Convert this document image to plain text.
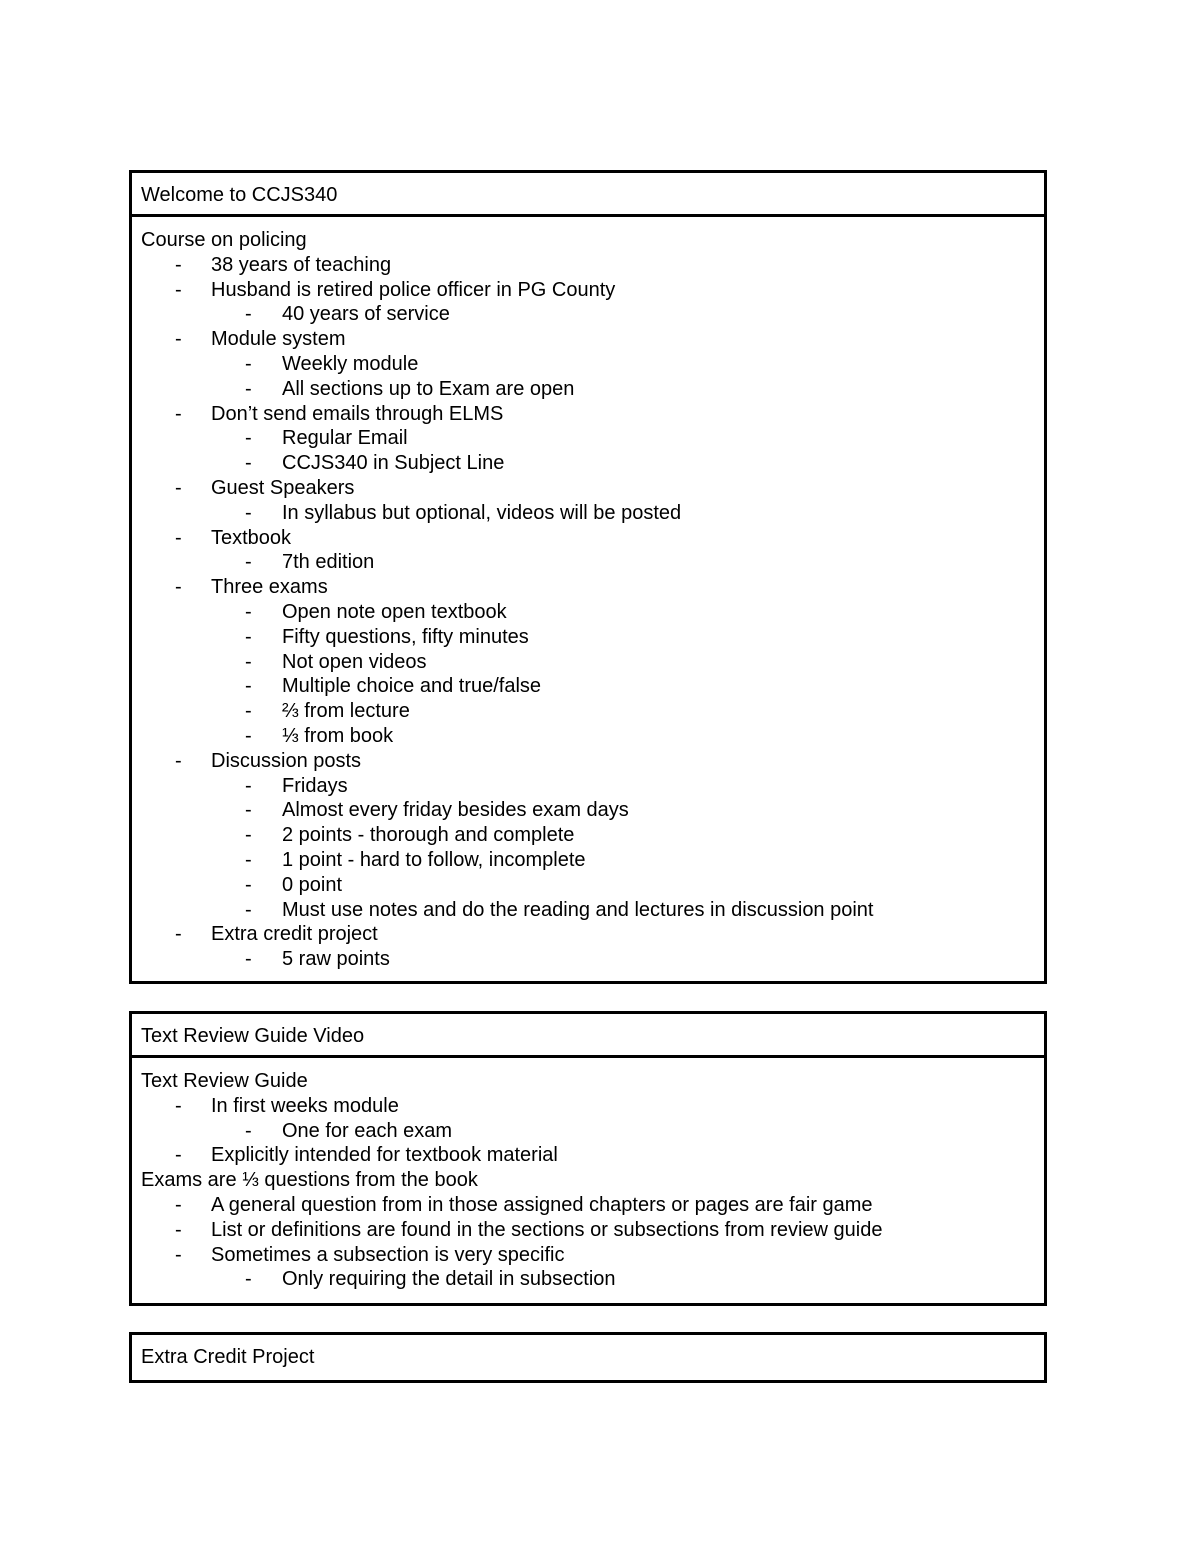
Welcome to CCJS340
Course on policing
- 38 years of teaching
- Husband is retired police officer in PG County
- 40 years of service
- Module system
- Weekly module
- All sections up to Exam are open
- Don’t send emails through ELMS
- Regular Email
- CCJS340 in Subject Line
- Guest Speakers
- In syllabus but optional, videos will be posted
- Textbook
- 7th edition
- Three exams
- Open note open textbook
- Fifty questions, fifty minutes
- Not open videos
- Multiple choice and true/false
- ⅔ from lecture
- ⅓ from book
- Discussion posts
- Fridays
- Almost every friday besides exam days
- 2 points - thorough and complete
- 1 point - hard to follow, incomplete
- 0 point
- Must use notes and do the reading and lectures in discussion point
- Extra credit project
- 5 raw points
Text Review Guide Video
Text Review Guide
- In first weeks module
- One for each exam
- Explicitly intended for textbook material
Exams are ⅓ questions from the book
- A general question from in those assigned chapters or pages are fair game
- List or definitions are found in the sections or subsections from review guide
- Sometimes a subsection is very specific
- Only requiring the detail in subsection
Extra Credit Project
